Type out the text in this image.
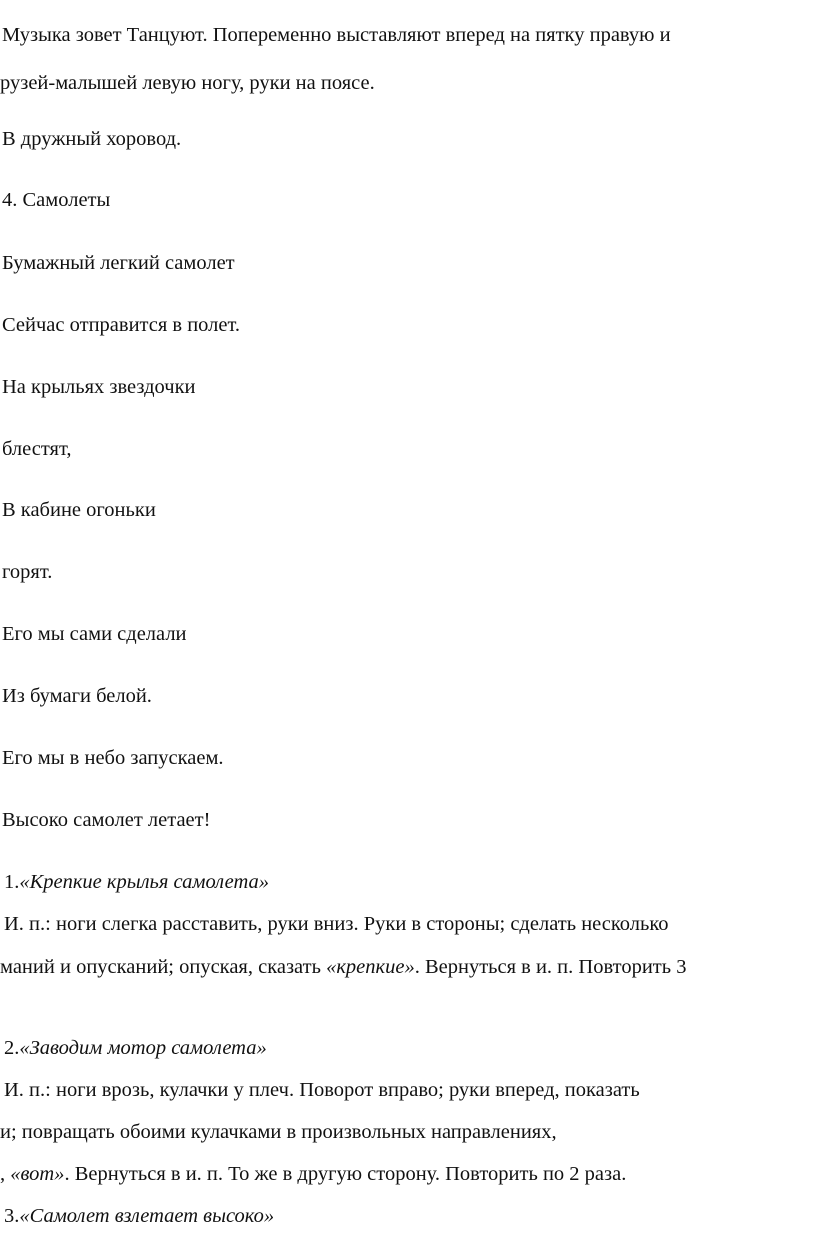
Музыка зовет Танцуют. Попеременно выставляют вперед на пятку правую и

рузей-малышей левую ногу, руки на поясе.

В дружный хоровод.

4. Самолеты

Бумажный легкий самолет

Сейчас отправится в полет.

На крыльях звездочки

блестят,

В кабине огоньки

горят.

Его мы сами сделали

Из бумаги белой.

Его мы в небо запускаем.

Высоко самолет летает!

1.«Крепкие крылья самолета»

И. п.: ноги слегка расставить, руки вниз. Руки в стороны; сделать несколько

маний и опусканий; опуская, сказать «крепкие». Вернуться в и. п. Повторить 3

2.«Заводим мотор самолета»

И. п.: ноги врозь, кулачки у плеч. Поворот вправо; руки вперед, показать

и; повращать обоими кулачками в произвольных направлениях,

, «вот». Вернуться в и. п. То же в другую сторону. Повторить по 2 раза.

3.«Самолет взлетает высоко»
